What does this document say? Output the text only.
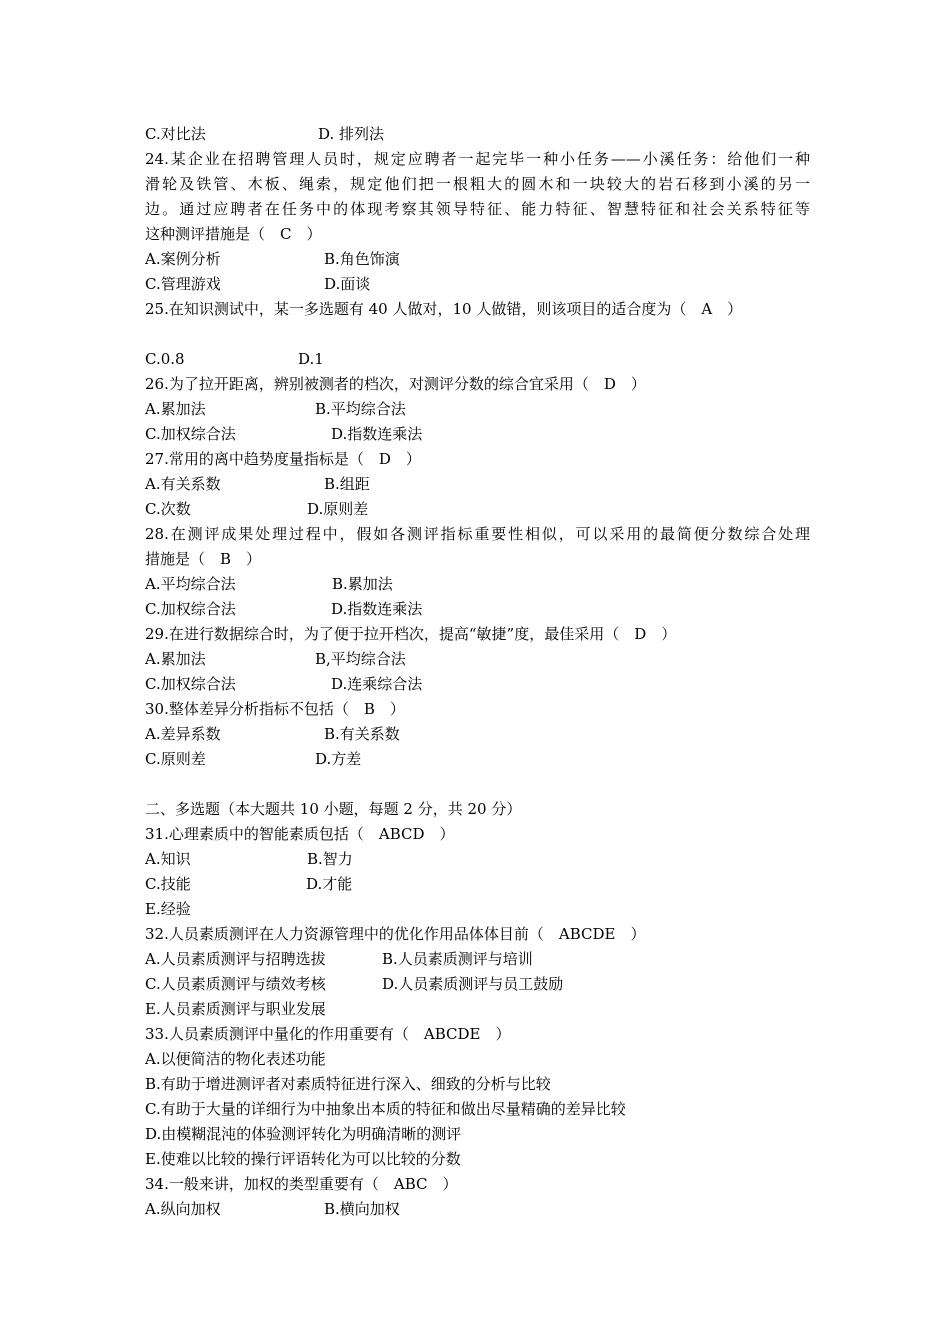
C.对比法	D. 排列法
24.某企业在招聘管理人员时，规定应聘者一起完毕一种小任务——小溪任务：给他们一种
滑轮及铁管、木板、绳索，规定他们把一根粗大的圆木和一块较大的岩石移到小溪的另一
边。通过应聘者在任务中的体现考察其领导特征、能力特征、智慧特征和社会关系特征等
这种测评措施是（　C　）
A.案例分析	B.角色饰演
C.管理游戏	D.面谈
25.在知识测试中，某一多选题有 40 人做对，10 人做错，则该项目的适合度为（　A　）
C.0.8	D.1
26.为了拉开距离，辨别被测者的档次，对测评分数的综合宜采用（　D　）
A.累加法	B.平均综合法
C.加权综合法	D.指数连乘法
27.常用的离中趋势度量指标是（　D　）
A.有关系数	B.组距
C.次数	D.原则差
28.在测评成果处理过程中，假如各测评指标重要性相似，可以采用的最简便分数综合处理
措施是（　B　）
A.平均综合法	B.累加法
C.加权综合法	D.指数连乘法
29.在进行数据综合时，为了便于拉开档次，提高“敏捷”度，最佳采用（　D　）
A.累加法	B,平均综合法
C.加权综合法	D.连乘综合法
30.整体差异分析指标不包括（　B　）
A.差异系数	B.有关系数
C.原则差	D.方差
二、多选题（本大题共 10 小题，每题 2 分，共 20 分）
31.心理素质中的智能素质包括（　ABCD　）
A.知识	B.智力
C.技能	D.才能
E.经验
32.人员素质测评在人力资源管理中的优化作用品体体目前（　ABCDE　）
A.人员素质测评与招聘选拔	B.人员素质测评与培训
C.人员素质测评与绩效考核	D.人员素质测评与员工鼓励
E.人员素质测评与职业发展
33.人员素质测评中量化的作用重要有（　ABCDE　）
A.以便简洁的物化表述功能
B.有助于增进测评者对素质特征进行深入、细致的分析与比较
C.有助于大量的详细行为中抽象出本质的特征和做出尽量精确的差异比较
D.由模糊混沌的体验测评转化为明确清晰的测评
E.使难以比较的操行评语转化为可以比较的分数
34.一般来讲，加权的类型重要有（　ABC　）
A.纵向加权	B.横向加权
